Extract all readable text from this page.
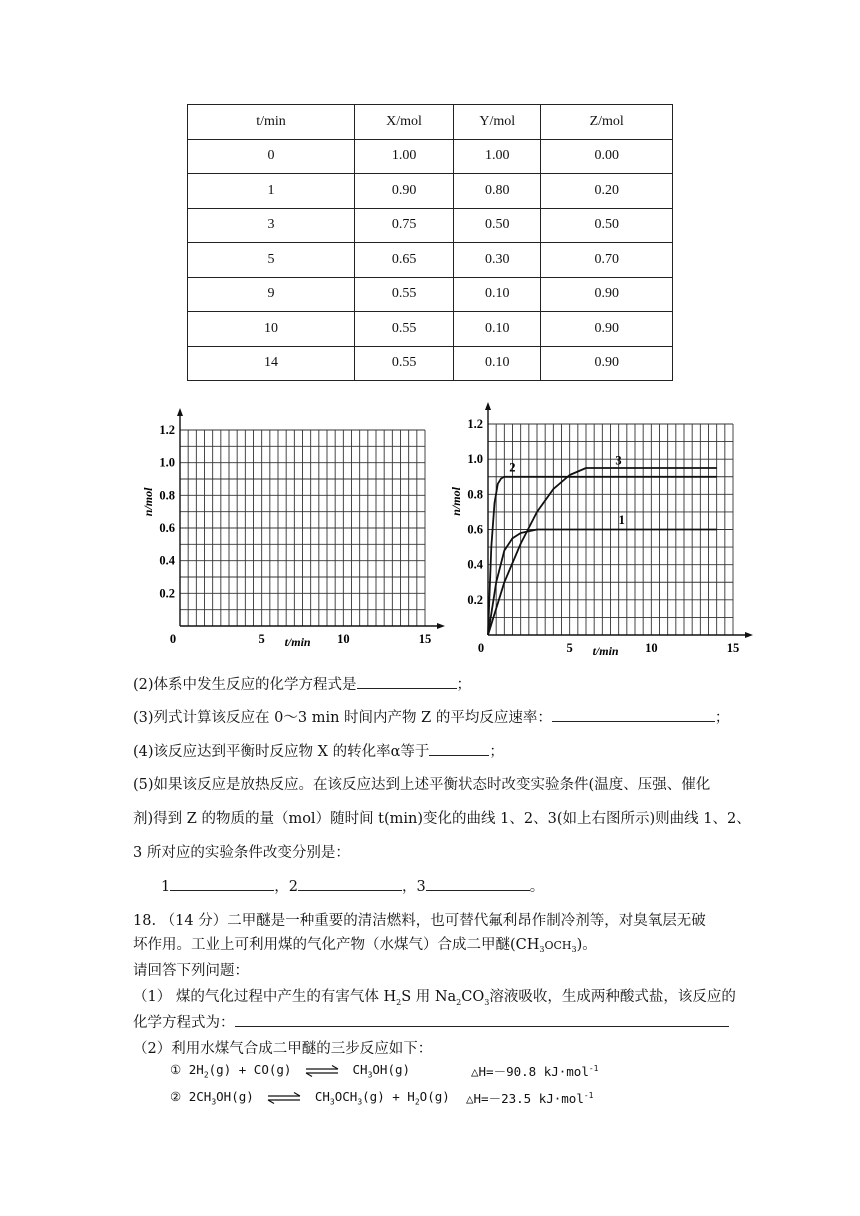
t/min	X/mol	Y/mol	Z/mol
0	1.00	1.00	0.00
1	0.90	0.80	0.20
3	0.75	0.50	0.50
5	0.65	0.30	0.70
9	0.55	0.10	0.90
10	0.55	0.10	0.90
14	0.55	0.10	0.90
0.2
0.4
0.6
0.8
1.0
1.2
0	5	10	15
t/min
n/mol
0.2
0.4
0.6
0.8
1.0
1.2
0	5	10	15
t/min
n/mol
1
2
3
(2)体系中发生反应的化学方程式是	；
(3)列式计算该反应在 0～3 min 时间内产物 Z 的平均反应速率：	；
(4)该反应达到平衡时反应物 X 的转化率α等于	；
(5)如果该反应是放热反应。在该反应达到上述平衡状态时改变实验条件(温度、压强、催化
剂)得到 Z 的物质的量（mol）随时间 t(min)变化的曲线 1、2、3(如上右图所示)则曲线 1、2、
3 所对应的实验条件改变分别是：
1	，2	，3	。
18. （14 分）二甲醚是一种重要的清洁燃料，也可替代氟利昂作制冷剂等，对臭氧层无破
坏作用。工业上可利用煤的气化产物（水煤气）合成二甲醚$(CH_3OCH_3)$。
请回答下列问题：
（1） 煤的气化过程中产生的有害气体 $H_2S$ 用 $Na_2CO_3$溶液吸收，生成两种酸式盐，该反应的
化学方程式为：
（2）利用水煤气合成二甲醚的三步反应如下：
① $2H_2(g) + CO(g)$ ⇌ $CH_3OH(g)$	△H=－90.8 kJ·mol$^{-1}$
② $2CH_3OH(g)$ ⇌ $CH_3OCH_3(g) + H_2O(g)$ △H=－23.5 kJ·mol$^{-1}$
